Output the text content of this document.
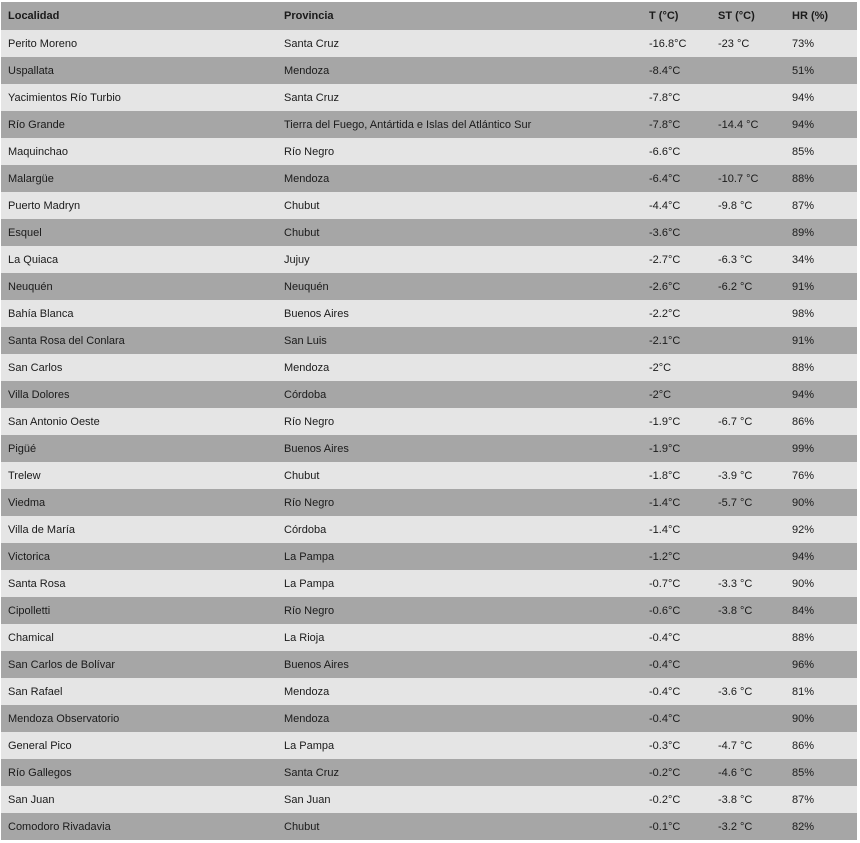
Localidad	Provincia	T (°C)	ST (°C)	HR (%)
Perito Moreno	Santa Cruz	-16.8°C	-23 °C	73%
Uspallata	Mendoza	-8.4°C		51%
Yacimientos Río Turbio	Santa Cruz	-7.8°C		94%
Río Grande	Tierra del Fuego, Antártida e Islas del Atlántico Sur	-7.8°C	-14.4 °C	94%
Maquinchao	Río Negro	-6.6°C		85%
Malargüe	Mendoza	-6.4°C	-10.7 °C	88%
Puerto Madryn	Chubut	-4.4°C	-9.8 °C	87%
Esquel	Chubut	-3.6°C		89%
La Quiaca	Jujuy	-2.7°C	-6.3 °C	34%
Neuquén	Neuquén	-2.6°C	-6.2 °C	91%
Bahía Blanca	Buenos Aires	-2.2°C		98%
Santa Rosa del Conlara	San Luis	-2.1°C		91%
San Carlos	Mendoza	-2°C		88%
Villa Dolores	Córdoba	-2°C		94%
San Antonio Oeste	Río Negro	-1.9°C	-6.7 °C	86%
Pigüé	Buenos Aires	-1.9°C		99%
Trelew	Chubut	-1.8°C	-3.9 °C	76%
Viedma	Río Negro	-1.4°C	-5.7 °C	90%
Villa de María	Córdoba	-1.4°C		92%
Victorica	La Pampa	-1.2°C		94%
Santa Rosa	La Pampa	-0.7°C	-3.3 °C	90%
Cipolletti	Río Negro	-0.6°C	-3.8 °C	84%
Chamical	La Rioja	-0.4°C		88%
San Carlos de Bolívar	Buenos Aires	-0.4°C		96%
San Rafael	Mendoza	-0.4°C	-3.6 °C	81%
Mendoza Observatorio	Mendoza	-0.4°C		90%
General Pico	La Pampa	-0.3°C	-4.7 °C	86%
Río Gallegos	Santa Cruz	-0.2°C	-4.6 °C	85%
San Juan	San Juan	-0.2°C	-3.8 °C	87%
Comodoro Rivadavia	Chubut	-0.1°C	-3.2 °C	82%
